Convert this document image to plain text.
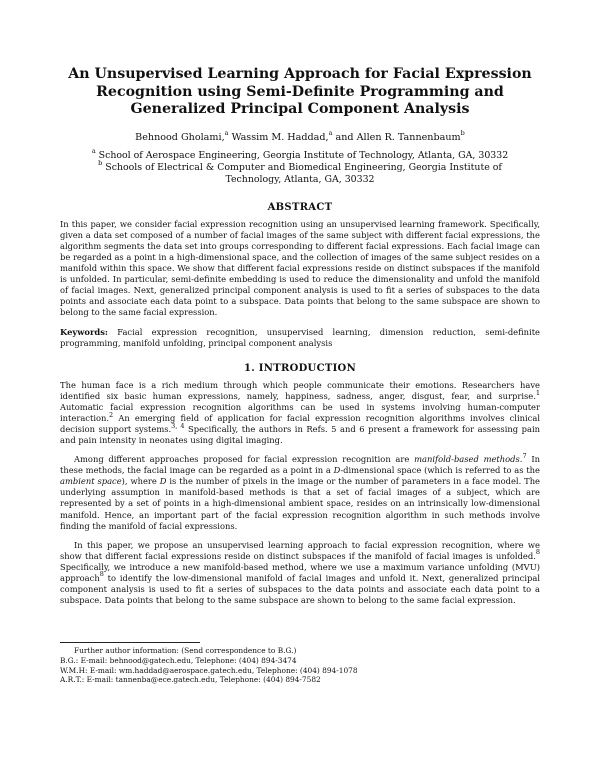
An Unsupervised Learning Approach for Facial Expression
Recognition using Semi-Definite Programming and
Generalized Principal Component Analysis
Behnood Gholami,$^a$ Wassim M. Haddad,$^a$ and Allen R. Tannenbaum$^b$
$^a$ School of Aerospace Engineering, Georgia Institute of Technology, Atlanta, GA, 30332
$^b$ Schools of Electrical & Computer and Biomedical Engineering, Georgia Institute of Technology, Atlanta, GA, 30332
ABSTRACT

In this paper, we consider facial expression recognition using an unsupervised learning framework. Specifically, given a data set composed of a number of facial images of the same subject with different facial expressions, the algorithm segments the data set into groups corresponding to different facial expressions. Each facial image can be regarded as a point in a high-dimensional space, and the collection of images of the same subject resides on a manifold within this space. We show that different facial expressions reside on distinct subspaces if the manifold is unfolded. In particular, semi-definite embedding is used to reduce the dimensionality and unfold the manifold of facial images. Next, generalized principal component analysis is used to fit a series of subspaces to the data points and associate each data point to a subspace. Data points that belong to the same subspace are shown to belong to the same facial expression.

Keywords: Facial expression recognition, unsupervised learning, dimension reduction, semi-definite programming, manifold unfolding, principal component analysis

1. INTRODUCTION

The human face is a rich medium through which people communicate their emotions. Researchers have identified six basic human expressions, namely, happiness, sadness, anger, disgust, fear, and surprise.$^1$ Automatic facial expression recognition algorithms can be used in systems involving human-computer interaction.$^2$ An emerging field of application for facial expression recognition algorithms involves clinical decision support systems.$^{3, 4}$ Specifically, the authors in Refs. 5 and 6 present a framework for assessing pain and pain intensity in neonates using digital imaging.

Among different approaches proposed for facial expression recognition are manifold-based methods.$^7$ In these methods, the facial image can be regarded as a point in a D-dimensional space (which is referred to as the ambient space), where D is the number of pixels in the image or the number of parameters in a face model. The underlying assumption in manifold-based methods is that a set of facial images of a subject, which are represented by a set of points in a high-dimensional ambient space, resides on an intrinsically low-dimensional manifold. Hence, an important part of the facial expression recognition algorithm in such methods involve finding the manifold of facial expressions.

In this paper, we propose an unsupervised learning approach to facial expression recognition, where we show that different facial expressions reside on distinct subspaces if the manifold of facial images is unfolded.$^8$ Specifically, we introduce a new manifold-based method, where we use a maximum variance unfolding (MVU) approach$^8$ to identify the low-dimensional manifold of facial images and unfold it. Next, generalized principal component analysis is used to fit a series of subspaces to the data points and associate each data point to a subspace. Data points that belong to the same subspace are shown to belong to the same facial expression.

Further author information: (Send correspondence to B.G.)
B.G.: E-mail: behnood@gatech.edu, Telephone: (404) 894-3474
W.M.H: E-mail: wm.haddad@aerospace.gatech.edu, Telephone: (404) 894-1078
A.R.T.: E-mail: tannenba@ece.gatech.edu, Telephone: (404) 894-7582
